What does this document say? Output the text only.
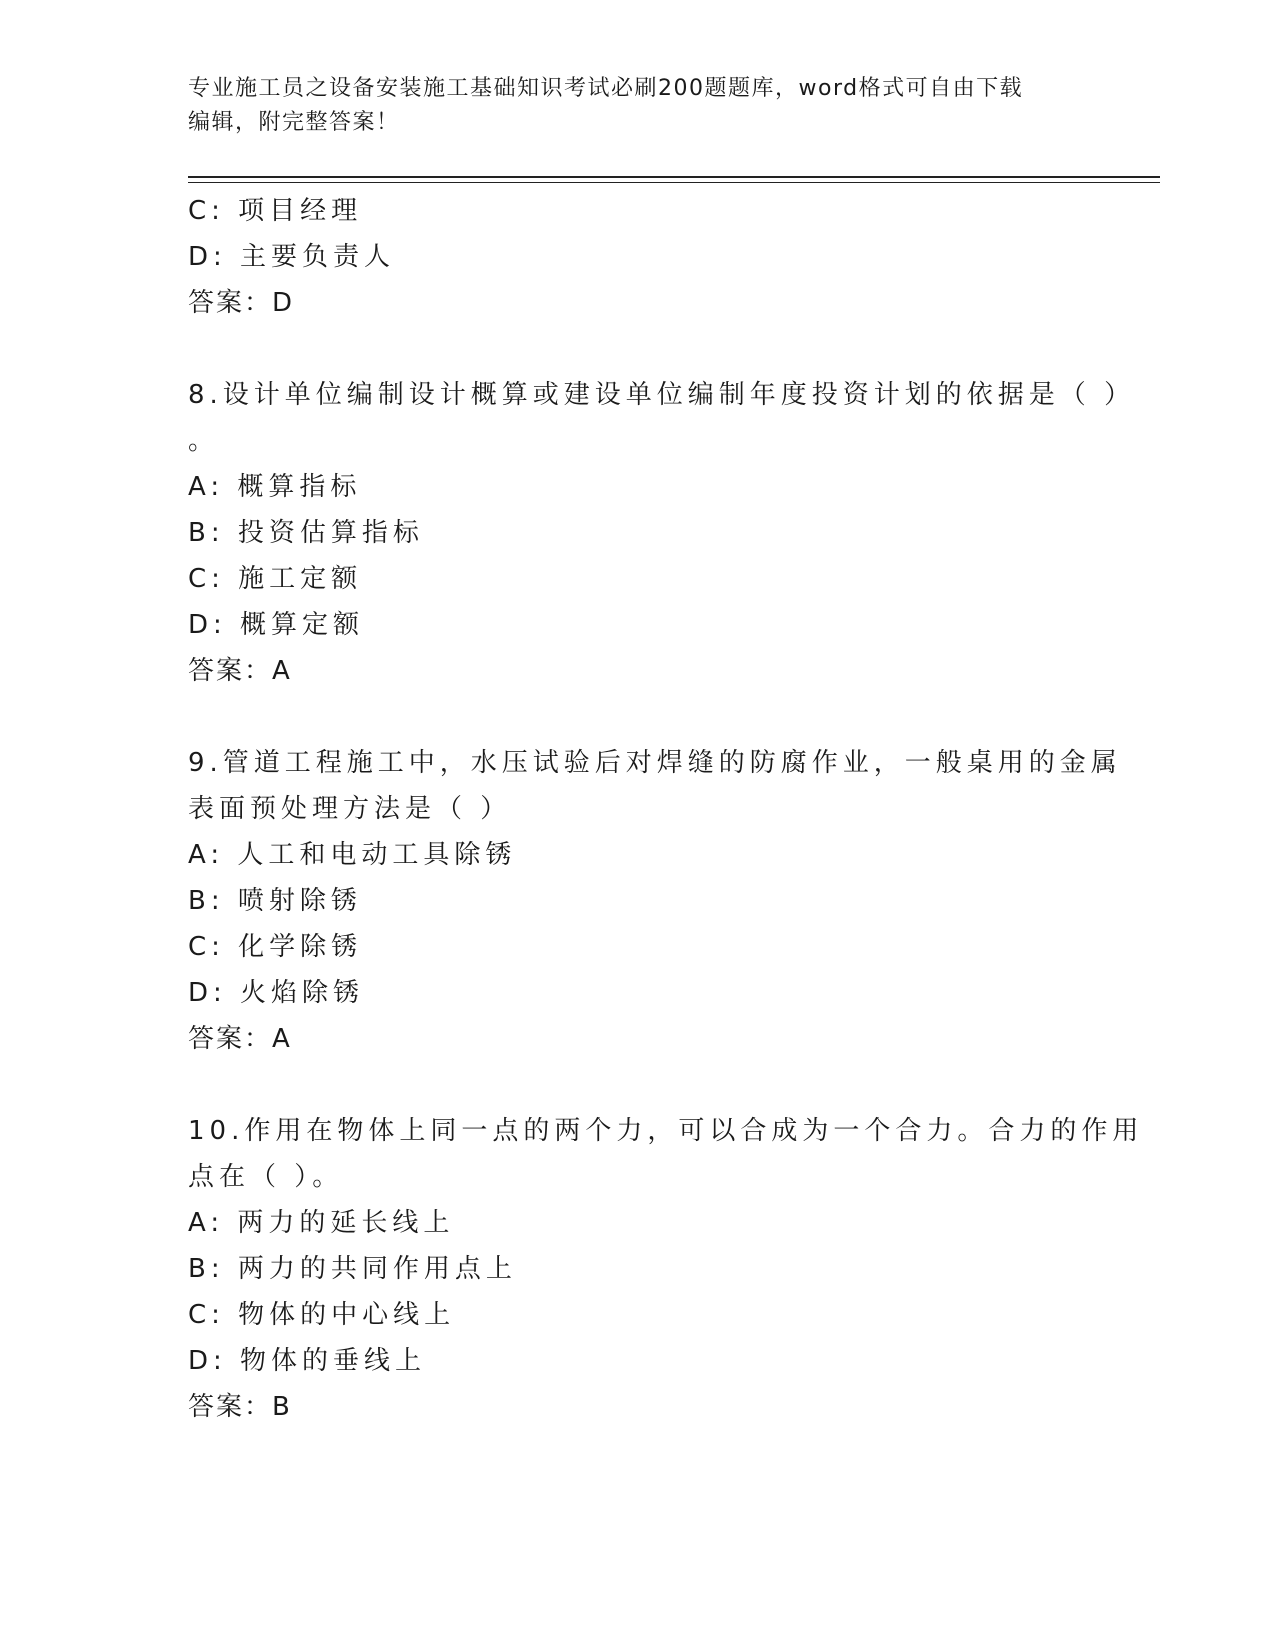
专业施工员之设备安装施工基础知识考试必刷200题题库，word格式可自由下载
编辑，附完整答案！
C: 项目经理
D: 主要负责人
答案：D
8.设计单位编制设计概算或建设单位编制年度投资计划的依据是（ ）
。
A: 概算指标
B: 投资估算指标
C: 施工定额
D: 概算定额
答案：A
9.管道工程施工中，水压试验后对焊缝的防腐作业，一般桌用的金属
表面预处理方法是（ ）
A: 人工和电动工具除锈
B: 喷射除锈
C: 化学除锈
D: 火焰除锈
答案：A
10.作用在物体上同一点的两个力，可以合成为一个合力。合力的作用
点在（ ）。
A: 两力的延长线上
B: 两力的共同作用点上
C: 物体的中心线上
D: 物体的垂线上
答案：B
